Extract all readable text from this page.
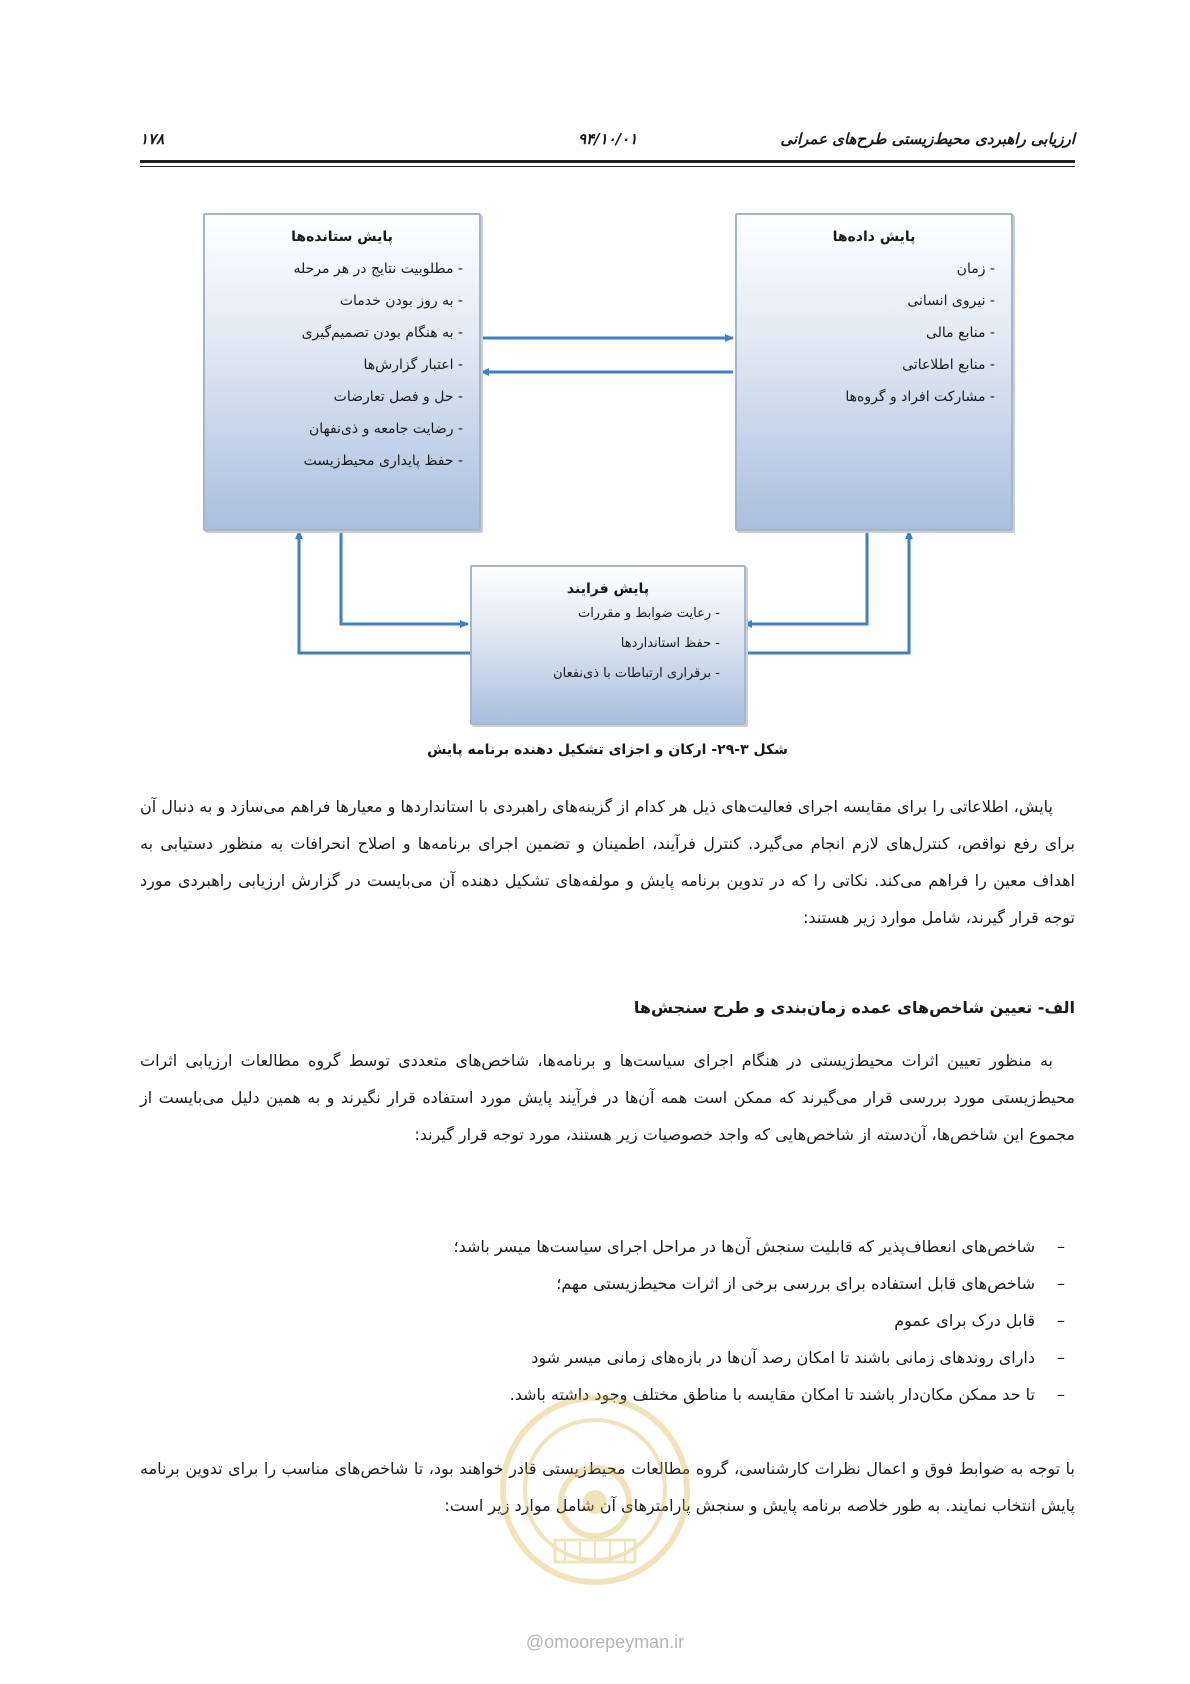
۱۷۸	۹۴/۱۰/۰۱	ارزیابی راهبردی محیط‌زیستی طرح‌های عمرانی
پایش ستانده‌ها
- مطلوبیت نتایج در هر مرحله
- به روز بودن خدمات
- به هنگام بودن تصمیم‌گیری
- اعتبار گزارش‌ها
- حل و فصل تعارضات
- رضایت جامعه و ذی‌نفهان
- حفظ پایداری محیط‌زیست
پایش داده‌ها
- زمان
- نیروی انسانی
- منابع مالی
- منابع اطلاعاتی
- مشارکت افراد و گروه‌ها
پایش فرایند
- رعایت ضوابط و مقررات
- حفظ استانداردها
- برقراری ارتباطات با ذی‌نفعان
شکل ۳-۲۹- ارکان و اجزای تشکیل دهنده برنامه پایش

پایش، اطلاعاتی را برای مقایسه اجرای فعالیت‌های ذیل هر کدام از گزینه‌های راهبردی با استانداردها و معیارها فراهم می‌سازد و به دنبال آن برای رفع نواقص، کنترل‌های لازم انجام می‌گیرد. کنترل فرآیند، اطمینان و تضمین اجرای برنامه‌ها و اصلاح انحرافات به منظور دستیابی به اهداف معین را فراهم می‌کند. نکاتی را که در تدوین برنامه پایش و مولفه‌های تشکیل دهنده آن می‌بایست در گزارش ارزیابی راهبردی مورد توجه قرار گیرند، شامل موارد زیر هستند:

الف- تعیین شاخص‌های عمده زمان‌بندی و طرح سنجش‌ها

به منظور تعیین اثرات محیط‌زیستی در هنگام اجرای سیاست‌ها و برنامه‌ها، شاخص‌های متعددی توسط گروه مطالعات ارزیابی اثرات محیط‌زیستی مورد بررسی قرار می‌گیرند که ممکن است همه آن‌ها در فرآیند پایش مورد استفاده قرار نگیرند و به همین دلیل می‌بایست از مجموع این شاخص‌ها، آن‌دسته از شاخص‌هایی که واجد خصوصیات زیر هستند، مورد توجه قرار گیرند:

– شاخص‌های انعطاف‌پذیر که قابلیت سنجش آن‌ها در مراحل اجرای سیاست‌ها میسر باشد؛
– شاخص‌های قابل استفاده برای بررسی برخی از اثرات محیط‌زیستی مهم؛
– قابل درک برای عموم
– دارای روندهای زمانی باشند تا امکان رصد آن‌ها در بازه‌های زمانی میسر شود
– تا حد ممکن مکان‌دار باشند تا امکان مقایسه با مناطق مختلف وجود داشته باشد.

با توجه به ضوابط فوق و اعمال نظرات کارشناسی، گروه مطالعات محیط‌زیستی قادر خواهند بود، تا شاخص‌های مناسب را برای تدوین برنامه پایش انتخاب نمایند. به طور خلاصه برنامه پایش و سنجش پارامترهای آن شامل موارد زیر است:

@omoorepeyman.ir
